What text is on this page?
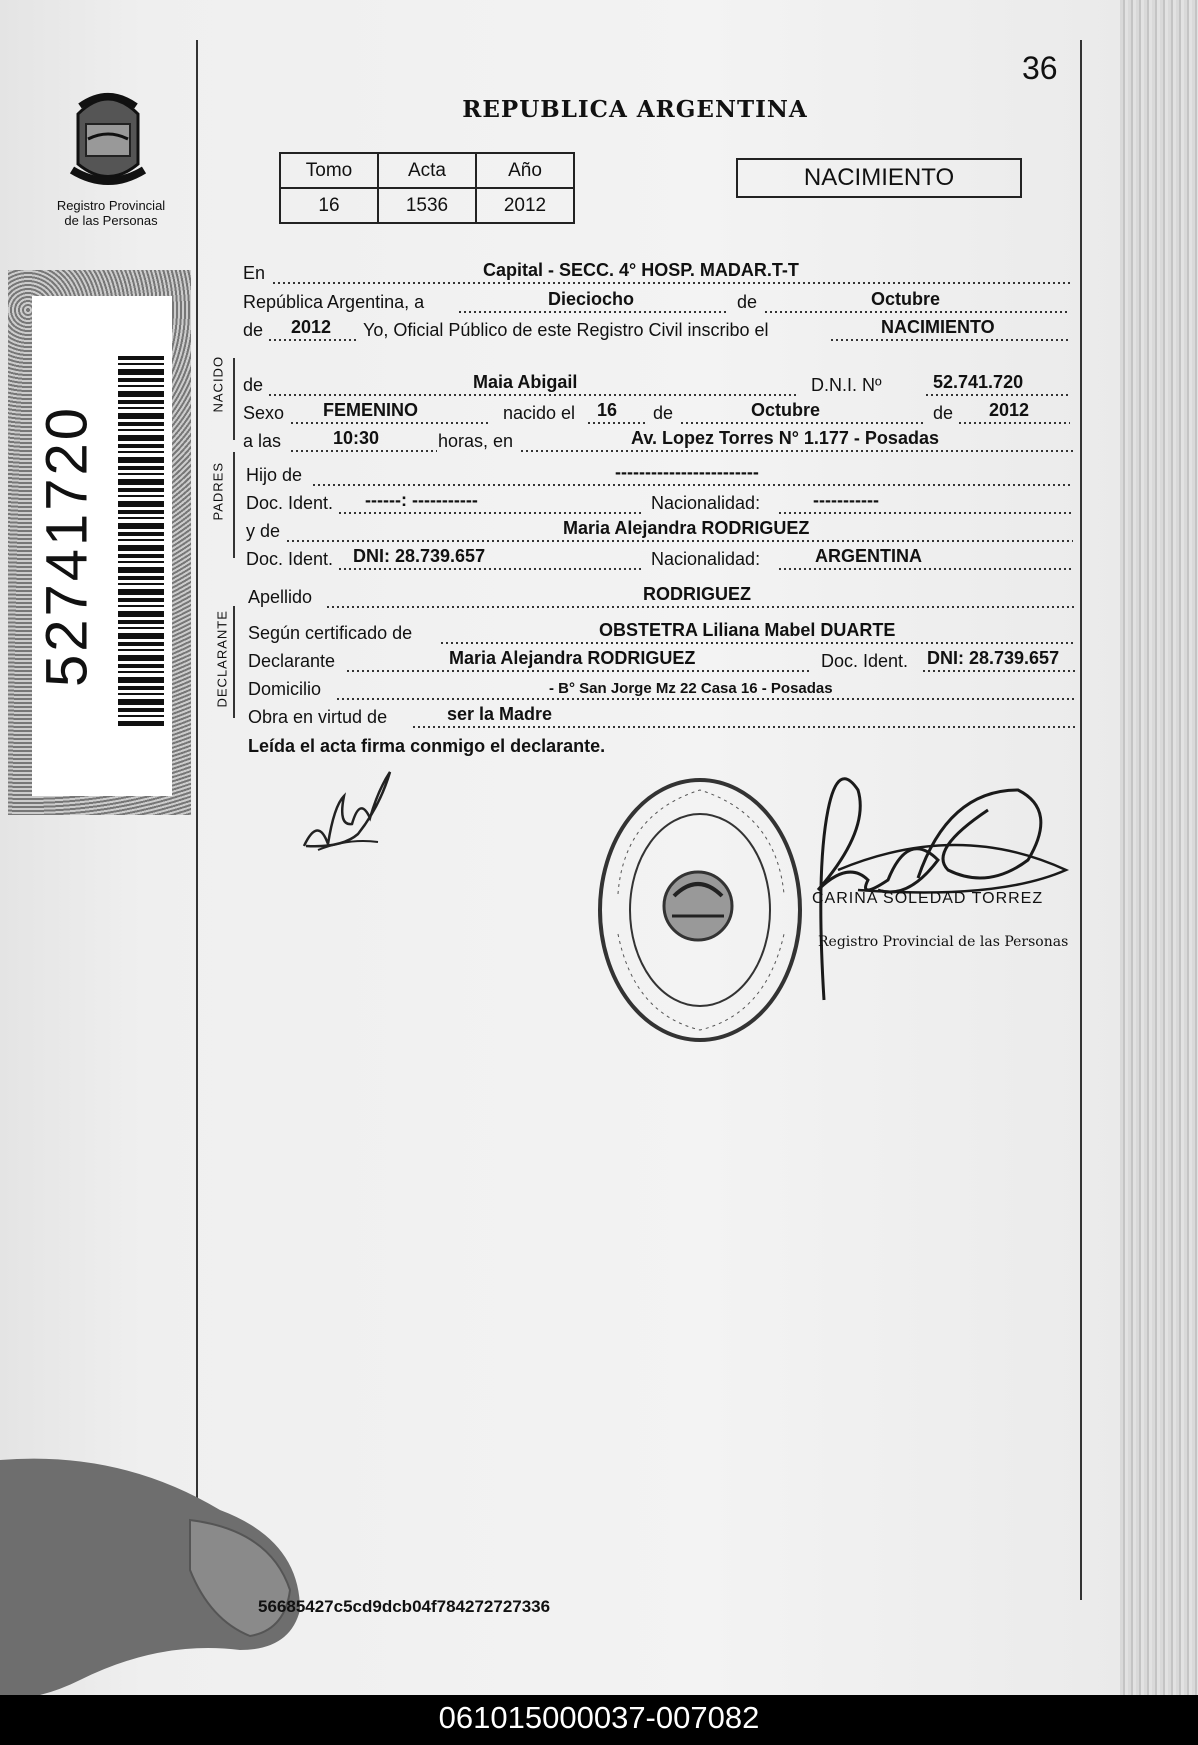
36
Registro Provincial
de las Personas
REPUBLICA ARGENTINA
Tomo	Acta	Año
16	1536	2012
NACIMIENTO
52741720
NACIDO
PADRES
DECLARANTE
En	Capital - SECC. 4° HOSP. MADAR.T-T
República Argentina, a	Dieciocho	de	Octubre
de 2012 Yo, Oficial Público de este Registro Civil inscribo el	NACIMIENTO
de	Maia Abigail	D.N.I. Nº	52.741.720
Sexo FEMENINO	nacido el 16 de	Octubre	de 2012
a las	10:30	horas, en	Av. Lopez Torres N° 1.177 - Posadas
Hijo de	------------------------
Doc. Ident. ------: -----------	Nacionalidad:	-----------
y de	Maria Alejandra RODRIGUEZ
Doc. Ident. DNI: 28.739.657	Nacionalidad:	ARGENTINA
Apellido	RODRIGUEZ
Según certificado de	OBSTETRA Liliana Mabel DUARTE
Declarante	Maria Alejandra RODRIGUEZ	Doc. Ident. DNI: 28.739.657
Domicilio	- B° San Jorge Mz 22 Casa 16 - Posadas
Obra en virtud de	ser la Madre
Leída el acta firma conmigo el declarante.
CARINA SOLEDAD TORREZ
Registro Provincial de las Personas
56685427c5cd9dcb04f784272727336
061015000037-007082
